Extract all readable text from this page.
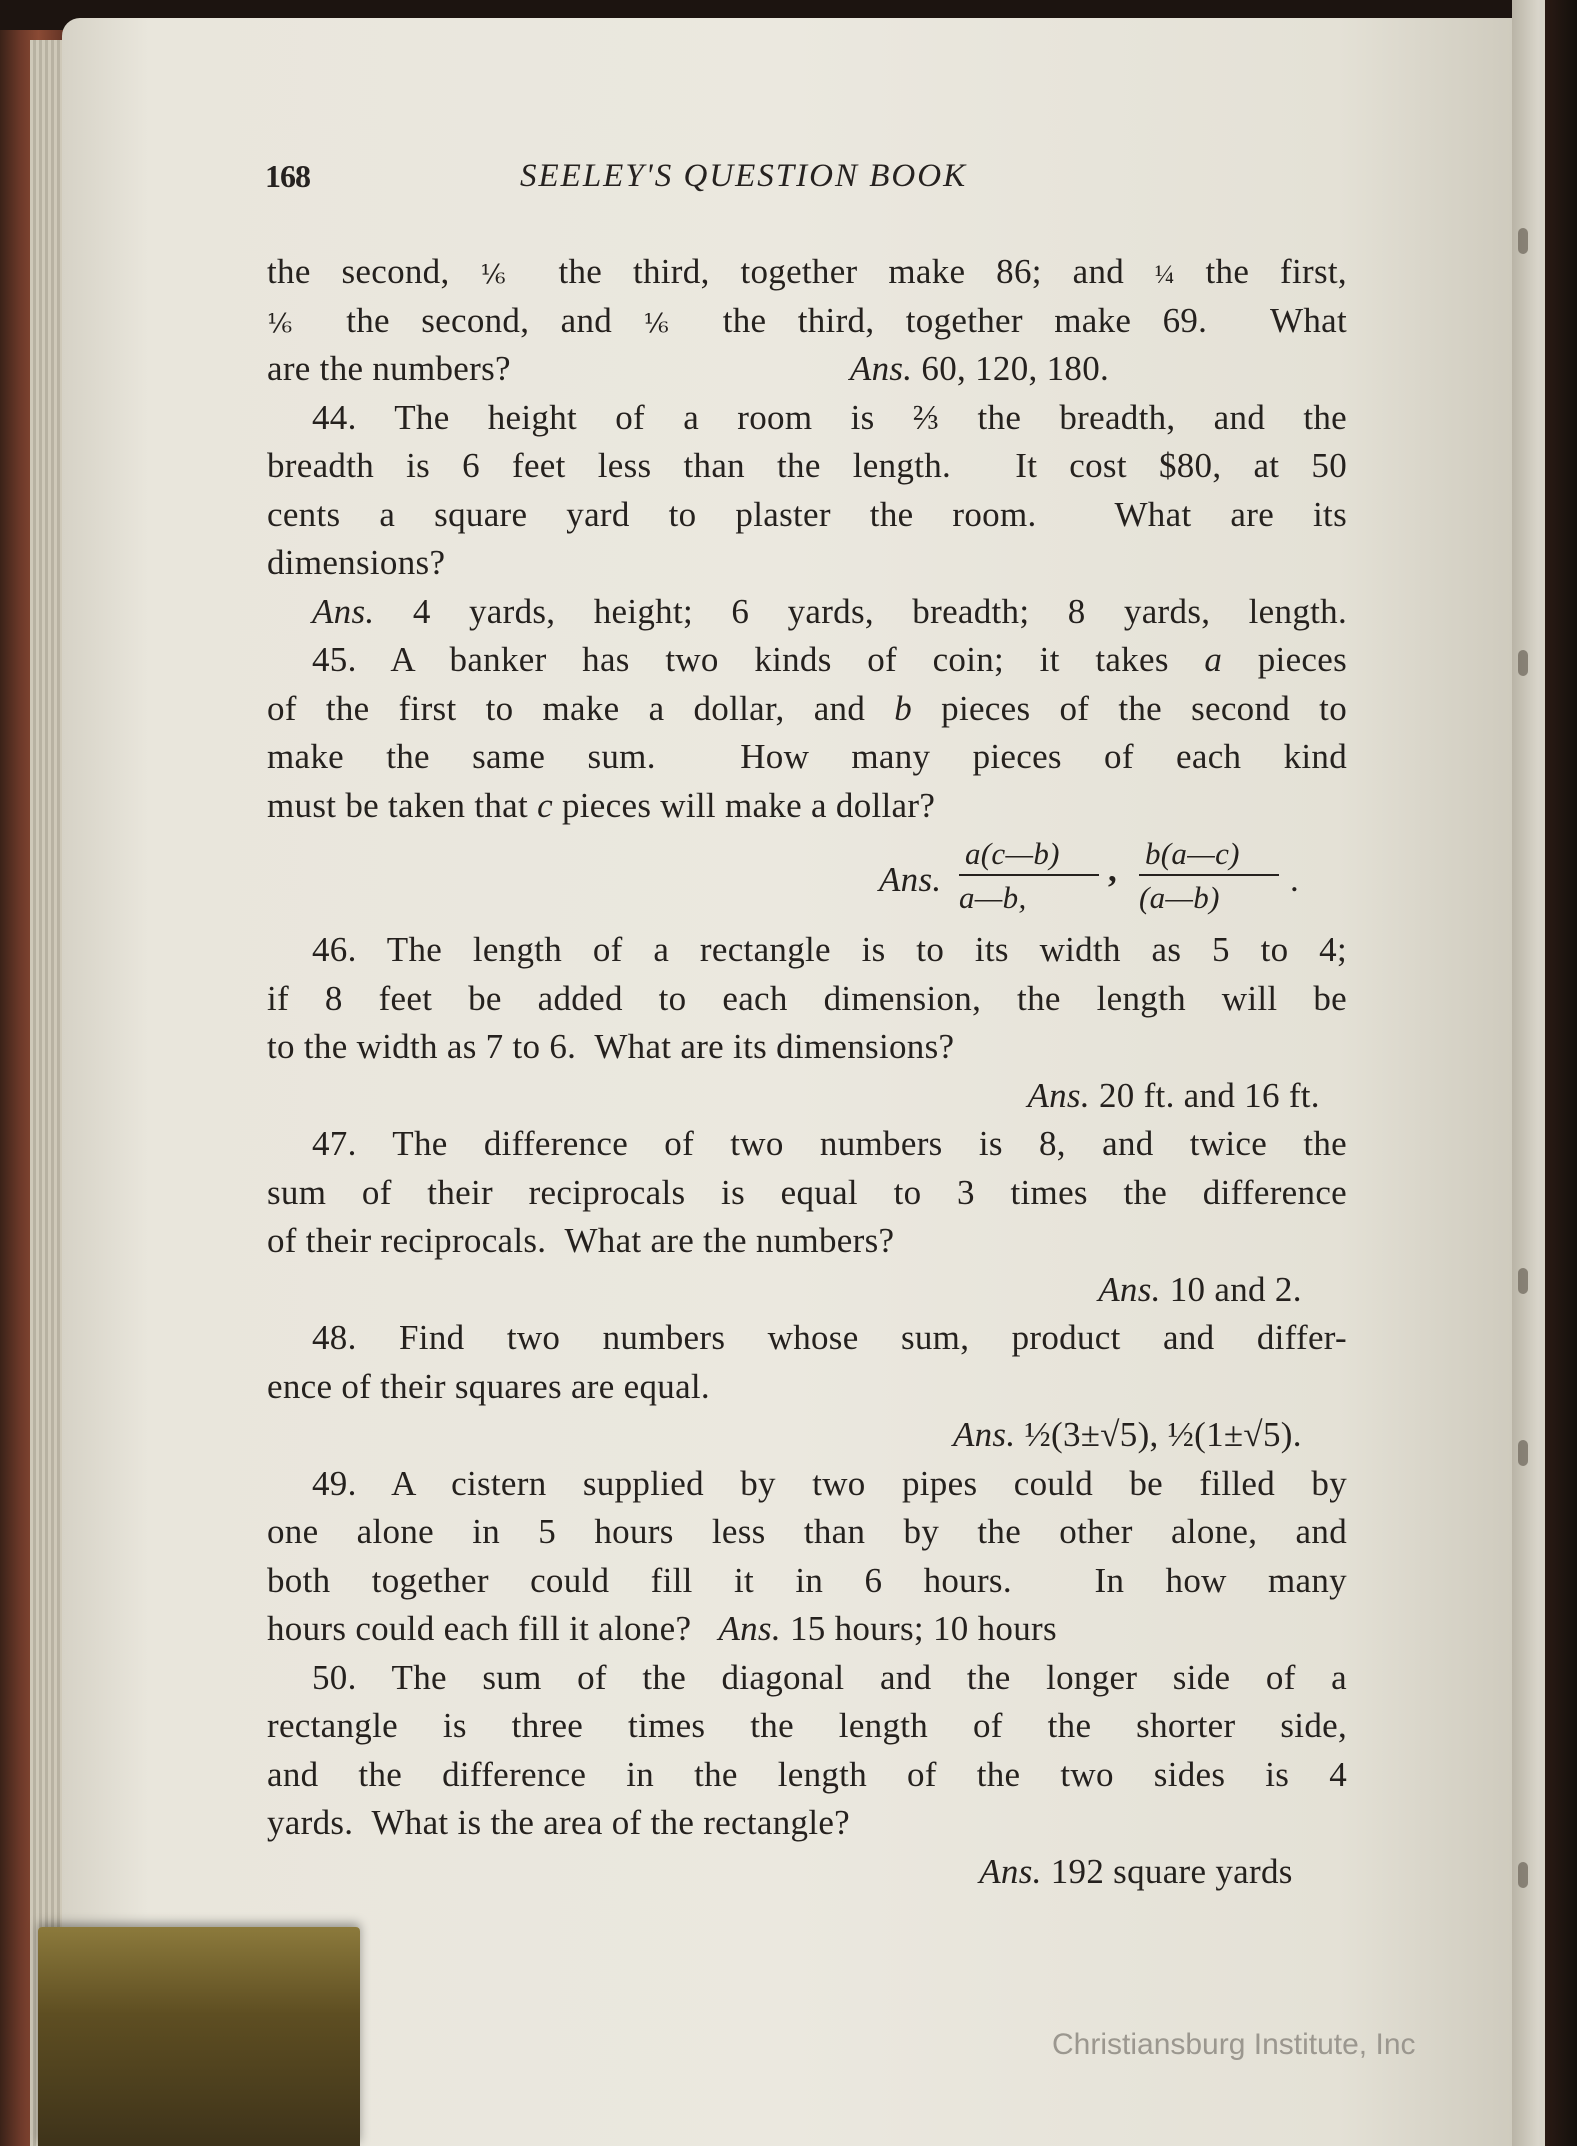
168	SEELEY'S QUESTION BOOK
the second, ⅙ the third, together make 86; and ¼ the first,
⅙ the second, and ⅙ the third, together make 69.  What
are the numbers?	Ans. 60, 120, 180.
44. The height of a room is ⅔ the breadth, and the
breadth is 6 feet less than the length.  It cost $80, at 50
cents a square yard to plaster the room.  What are its
dimensions?
Ans. 4 yards, height; 6 yards, breadth; 8 yards, length.
45. A banker has two kinds of coin; it takes a pieces
of the first to make a dollar, and b pieces of the second to
make the same sum.  How many pieces of each kind
must be taken that c pieces will make a dollar?
Ans. $\frac{a(c—b)}{a—b,}$ , $\frac{b(a—c)}{(a—b)}$ .
46. The length of a rectangle is to its width as 5 to 4;
if 8 feet be added to each dimension, the length will be
to the width as 7 to 6.  What are its dimensions?
Ans. 20 ft. and 16 ft.
47. The difference of two numbers is 8, and twice the
sum of their reciprocals is equal to 3 times the difference
of their reciprocals.  What are the numbers?
Ans. 10 and 2.
48. Find two numbers whose sum, product and differ-
ence of their squares are equal.
Ans. ½(3±√5), ½(1±√5).
49. A cistern supplied by two pipes could be filled by
one alone in 5 hours less than by the other alone, and
both together could fill it in 6 hours.  In how many
hours could each fill it alone?   Ans. 15 hours; 10 hours
50. The sum of the diagonal and the longer side of a
rectangle is three times the length of the shorter side,
and the difference in the length of the two sides is 4
yards.  What is the area of the rectangle?
Ans. 192 square yards
Christiansburg Institute, Inc
